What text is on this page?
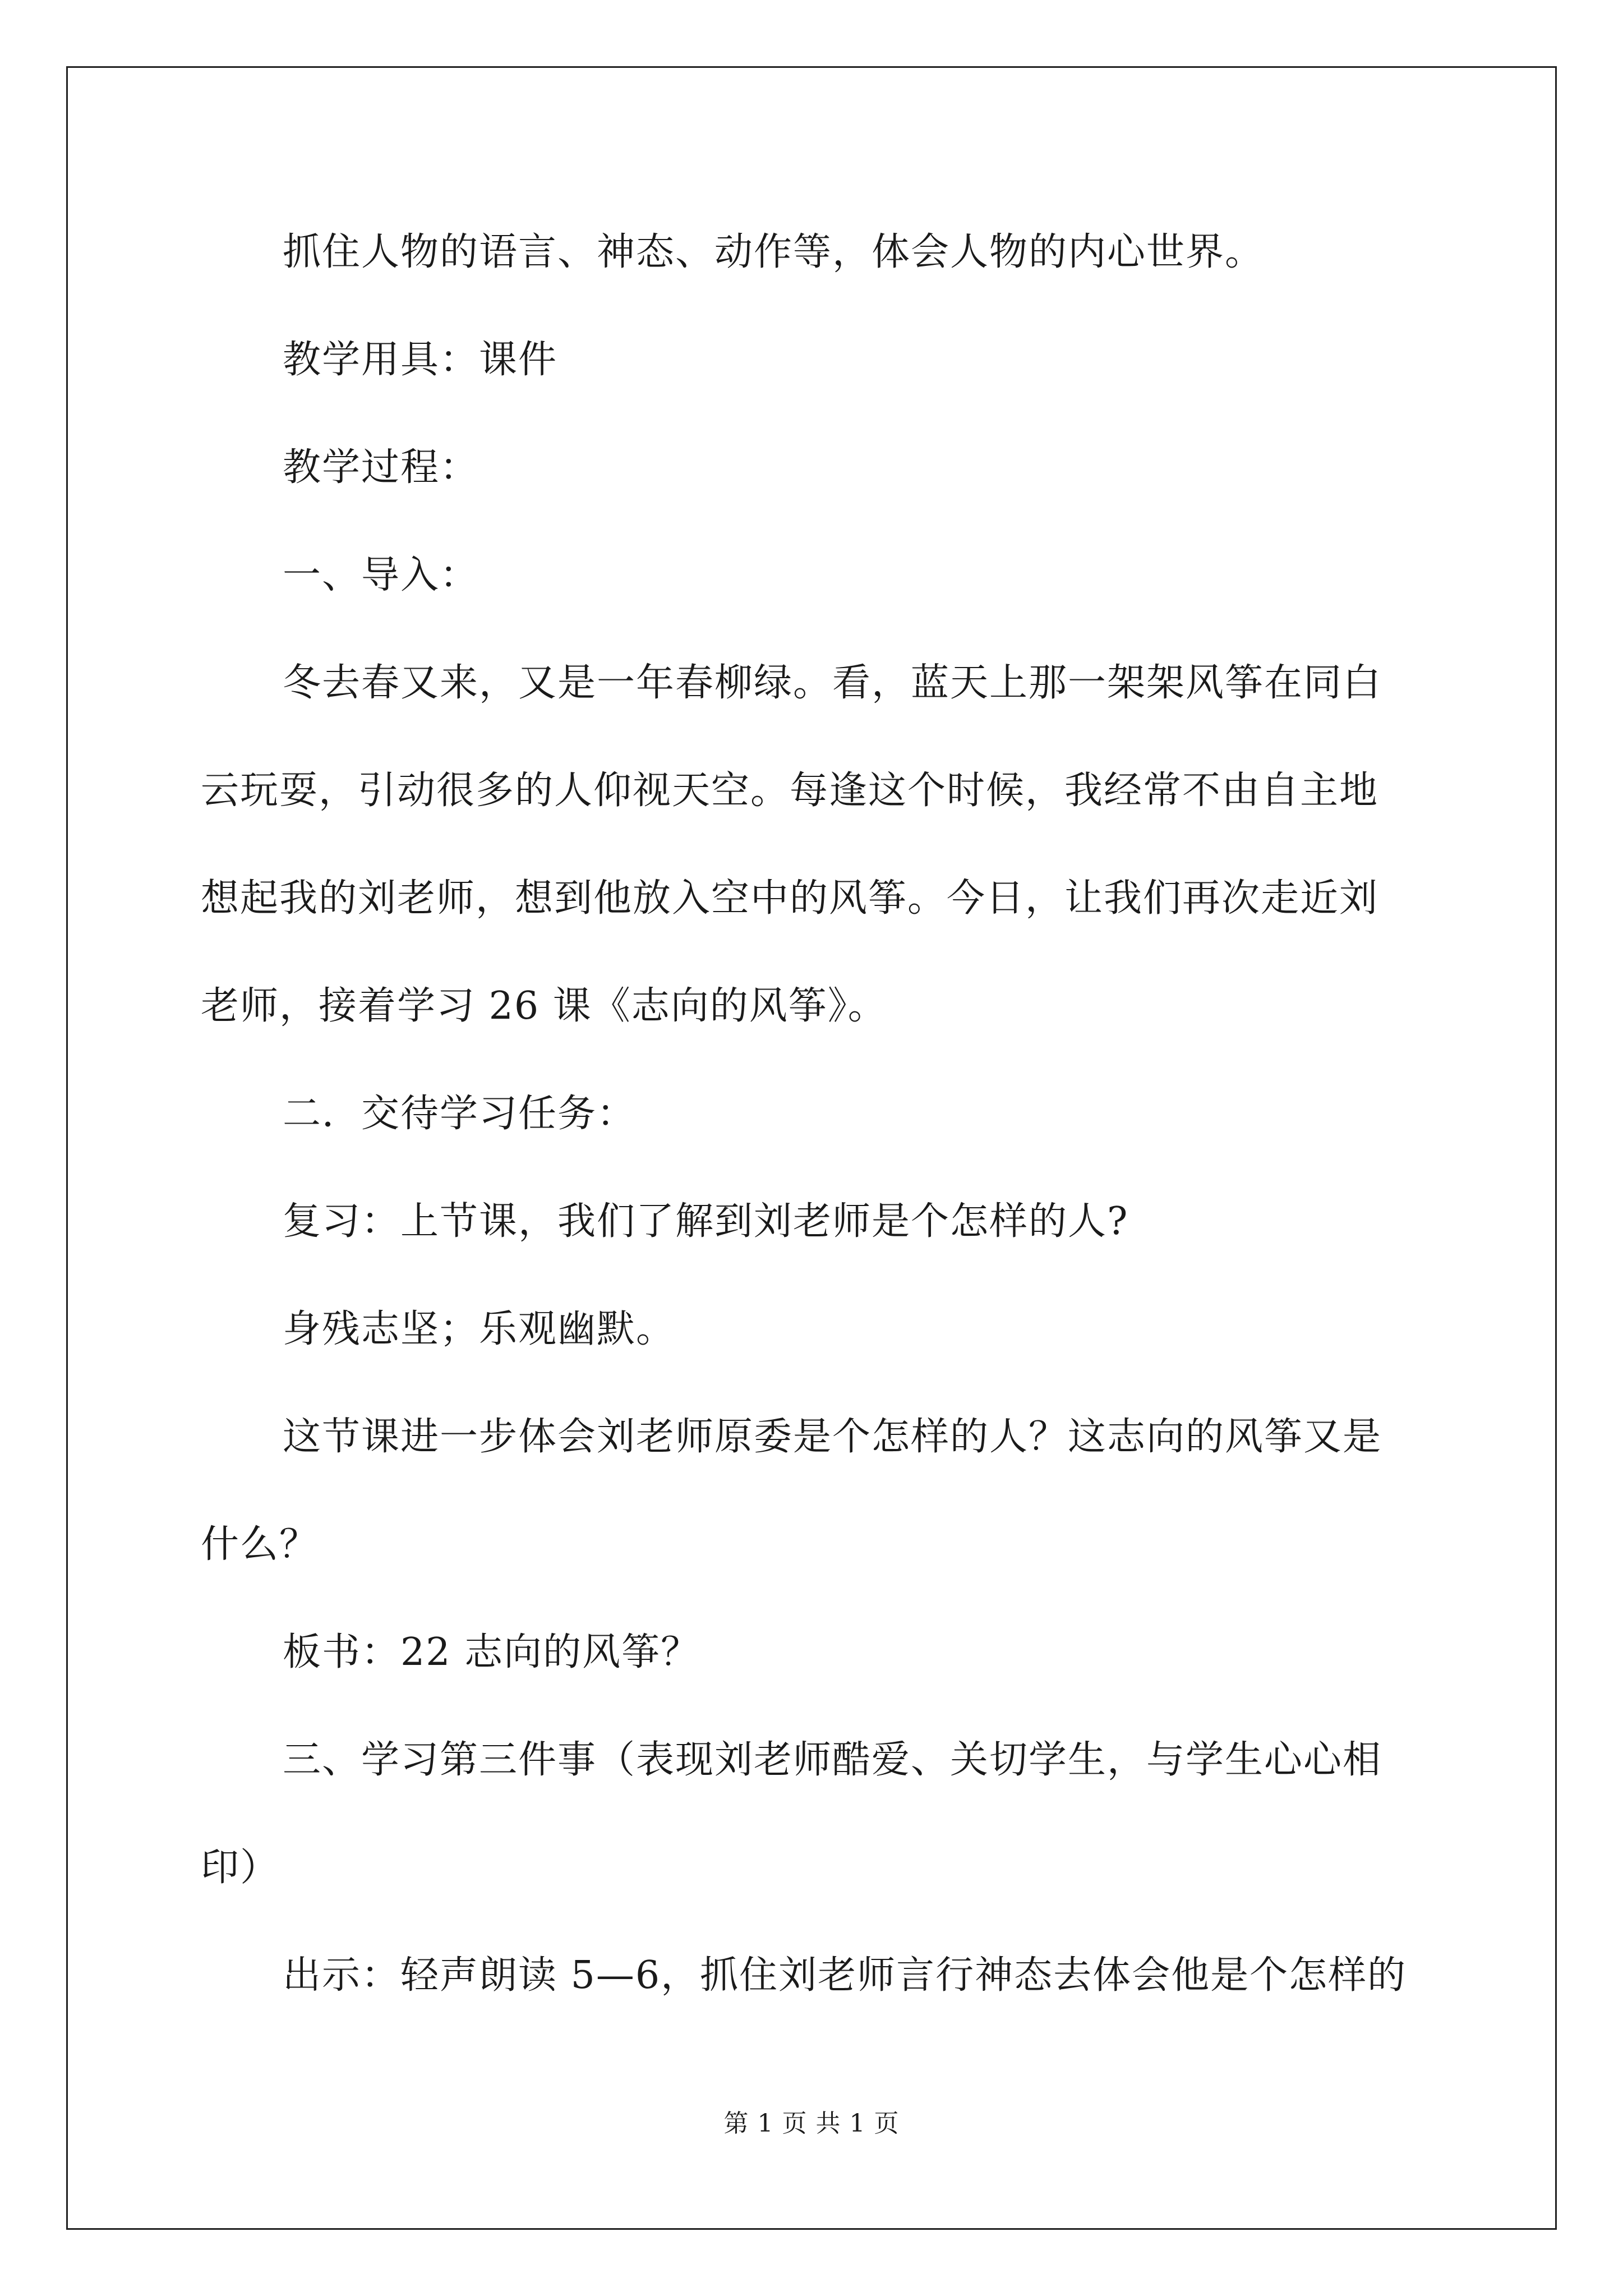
抓住人物的语言、神态、动作等，体会人物的内心世界。
教学用具：课件
教学过程：
一、导入：
冬去春又来，又是一年春柳绿。看，蓝天上那一架架风筝在同白
云玩耍，引动很多的人仰视天空。每逢这个时候，我经常不由自主地
想起我的刘老师，想到他放入空中的风筝。今日，让我们再次走近刘
老师，接着学习 26 课《志向的风筝》。
二．交待学习任务：
复习：上节课，我们了解到刘老师是个怎样的人?
身残志坚；乐观幽默。
这节课进一步体会刘老师原委是个怎样的人？这志向的风筝又是
什么？
板书：22 志向的风筝？
三、学习第三件事（表现刘老师酷爱、关切学生，与学生心心相
印）
出示：轻声朗读 5—6，抓住刘老师言行神态去体会他是个怎样的
第 1 页 共 1 页
